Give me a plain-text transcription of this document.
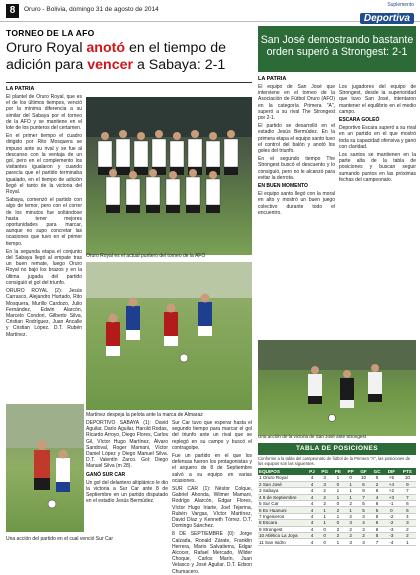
8	Oruro - Bolivia, domingo 31 de agosto de 2014
Suplemento
Deportiva
TORNEO DE LA AFO
Oruro Royal anotó en el tiempo de adición para vencer a Sabaya: 2-1
LA PATRIA

El plantel de Oruro Royal, que es el de los últimos tiempos, venció por la mínima diferencia a su similar del Sabaya por el torneo de la AFO y se mantiene en el lote de los punteros del certamen.

En el primer tiempo el cuadro dirigido por Rito Mosquera se impuso ante su rival y se fue al descanso con la ventaja de un gol, pero en el complemento los visitantes igualaron y cuando parecía que el partido terminaba igualado, en el tiempo de adición llegó el tanto de la victoria del Royal.

Sabaya, comenzó el partido con algo de temor, pero con el correr de los minutos fue soltándose hasta tener mejores oportunidades para marcar, aunque no supo concretar las ocasiones que tuvo en el primer tiempo.

En la segunda etapa el conjunto del Sabaya llegó al empate tras un buen remate, luego Oruro Royal no bajó los brazos y en la última jugada del partido consiguió el gol del triunfo.

ORURO ROYAL (2): Jesús Carrasco, Alejandro Hurtado, Rito Mosquera, Murillo Cardozo, Julio Fernández, Edwin Alarcón, Marcelo Condori, Gilberto Silva, Cristian Rodríguez, Juan Ancalle y Cristian López. D.T. Rubén Martínez.

Oruro Royal es el actual puntero del torneo de la AFO
Martínez despeja la pelota ante la marca de Almaraz

DEPORTIVO SABAYA (1): David Aguilar, Darío Aguilar, Harold Rodas, Ricardo Arroyo, Diego Flores, Carlos Gil, Víctor Hugo Martínez, Álvaro Sandoval, Roger Mamani, Víctor Daniel López y Diego Manuel Silva. D.T. Valentín Zarco. Gol: Diego Manuel Silva (m 28).

GANÓ SUR CAR

Un gol del delantero altiplánico le dio la victoria a Sur Car ante 8 de Septiembre en un partido disputado en el estadio Jesús Bermúdez.

Sur Car tuvo que esperar hasta el segundo tiempo para marcar el gol del triunfo ante un rival que se replegó en su campo y buscó el contragolpe.

Fue un partido en el que los defensas fueron los protagonistas y el arquero de 8 de Septiembre salvó a su equipo en varias ocasiones.

SUR CAR (1): Néstor Colque, Gabriel Ahonda, Wilmer Mamani, Rodrigo Alarcón, Edgar Flores, Víctor Hugo Iriarte, Joel Tejerina, Rubén Vargas, Víctor Martínez, David Díaz y Kenneth Tórrez. D.T. Domingo Sánchez.

8 DE SEPTIEMBRE (0): Jorge Calzada, Ronald Zárate, Franklin Herrera, Mario Salvatierra, Edgar Alcocer, Rafael Mercado, Wilder Choque, Carlos Marín, Juan Velasco y José Aguilar. D.T. Edson Chumacero.

Una acción del partido en el cual venció Sur Car
San José demostrando bastante orden superó a Strongest: 2-1
LA PATRIA

El equipo de San José que interviene en el torneo de la Asociación de Fútbol Oruro (AFO) en la categoría Primera "A", superó a su rival The Strongest por 2-1.

El partido se desarrolló en el estadio Jesús Bermúdez. En la primera etapa el equipo santo tuvo el control del balón y anotó los goles del triunfo.

En el segundo tiempo The Strongest buscó el descuento y lo consiguió, pero no le alcanzó para evitar la derrota.

EN BUEN MOMENTO

El equipo santo llegó con la moral en alto y mostró un buen juego colectivo durante todo el encuentro.

Los jugadores del equipo de Strongest, desde la superioridad que tuvo San José, intentaron mantener el equilibrio en el medio campo.

ESCARA GOLEÓ

Deportivo Escara superó a su rival en un partido en el que mostró toda su capacidad ofensiva y ganó con claridad.

Los santos se mantienen en la parte alta de la tabla de posiciones y buscan seguir sumando puntos en las próximas fechas del campeonato.

Una acción de la victoria de San José ante Strongest
TABLA DE POSICIONES
Conforme a la tabla del campeonato de fútbol de la Primera "A", las posiciones de los equipos son las siguientes.
EQUIPOS	PJ	PG	PE	PP	GF	GC	DIF	PTS
1 Oruro Royal	4	3	1	0	10	5	+5	10
2 San José	4	3	0	1	6	2	+4	9
3 Sabaya	4	2	1	1	8	6	+2	7
4 8 de Septiembre	4	2	1	1	7	4	+3	7
5 Sur Car	4	2	0	2	5	6	-1	6
6 Ex Huanuni	4	1	2	1	5	5	0	5
7 Ingenieros	4	1	1	2	3	5	-2	4
8 Escara	4	1	0	3	4	6	-2	3
9 Strongest	4	0	2	2	3	6	-3	2
10 Atlético La Joya	4	0	2	2	2	5	-3	2
11 San Isidro	4	0	1	3	3	7	-4	1
